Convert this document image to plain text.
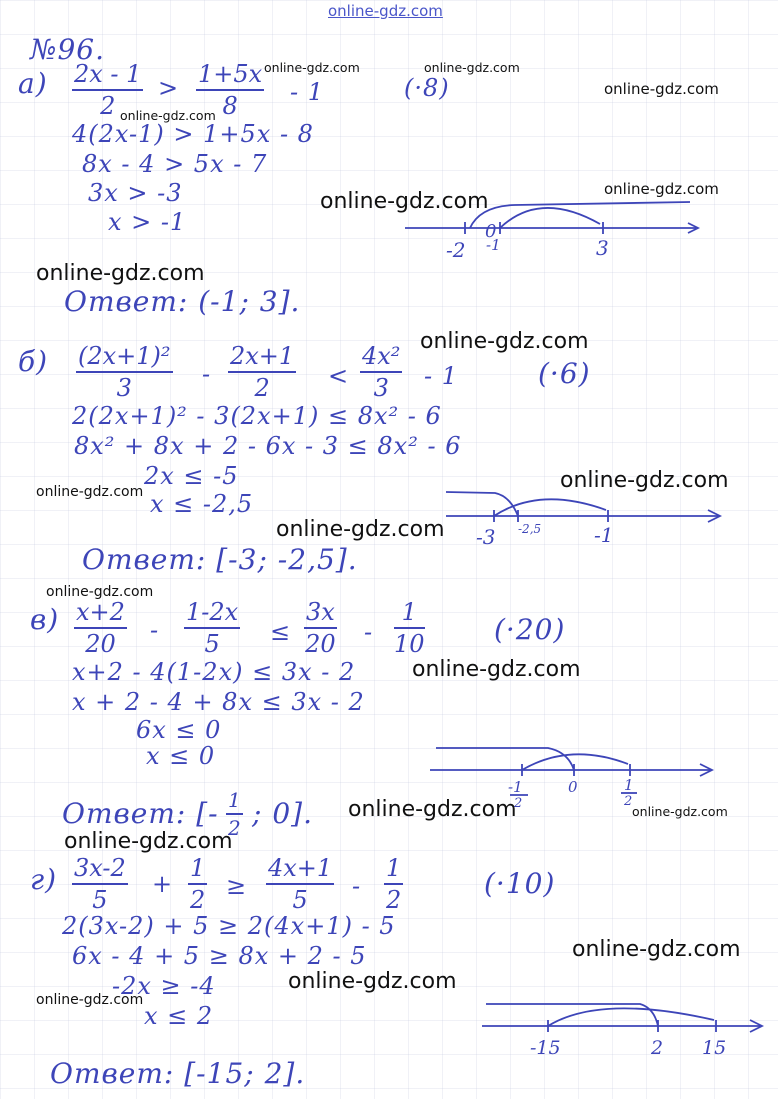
online-gdz.com
№96.
$а) \frac{2x - 1}{2} > \frac{1+5x}{8} - 1$	(·8)
4(2x-1) > 1+5x - 8
8x - 4 > 5x - 7
3x > -3
x > -1
-2
0
-1	3
Ответ: (-1; 3].
$б) \frac{\text{(2x+1)²}}{3} - \frac{2x+1}{2} < \frac{\text{4x²}}{3} - 1$	(·6)
2(2x+1)² - 3(2x+1) ≤ 8x² - 6
8x² + 8x + 2 - 6x - 3 ≤ 8x² - 6
2x ≤ -5
x ≤ -2,5
-3 -2,5	-1
Ответ: [-3; -2,5].
$в) \frac{x+2}{20} - \frac{1-2x}{5} \le \frac{3x}{20} - \frac{1}{10} (\cdot 20)$
x+2 - 4(1-2x) ≤ 3x - 2
x + 2 - 4 + 8x ≤ 3x - 2
6x ≤ 0
x ≤ 0
-1
2
0	1
2
Ответ: [- $\frac{1}{2}$ ; 0].
$г) \frac{3x-2}{5} + \frac{1}{2} \ge \frac{4x+1}{5} - \frac{1}{2}$	(·10)
2(3x-2) + 5 ≥ 2(4x+1) - 5
6x - 4 + 5 ≥ 8x + 2 - 5
-2x ≥ -4
x ≤ 2
-15	2 15
Ответ: [-15; 2].
online-gdz.com	online-gdz.com
online-gdz.com
online-gdz.com
online-gdz.com	online-gdz.com
online-gdz.com
online-gdz.com
online-gdz.com
online-gdz.com
online-gdz.com
online-gdz.com
online-gdz.com
online-gdz.com	online-gdz.com
online-gdz.com
online-gdz.com
online-gdz.com
online-gdz.com
